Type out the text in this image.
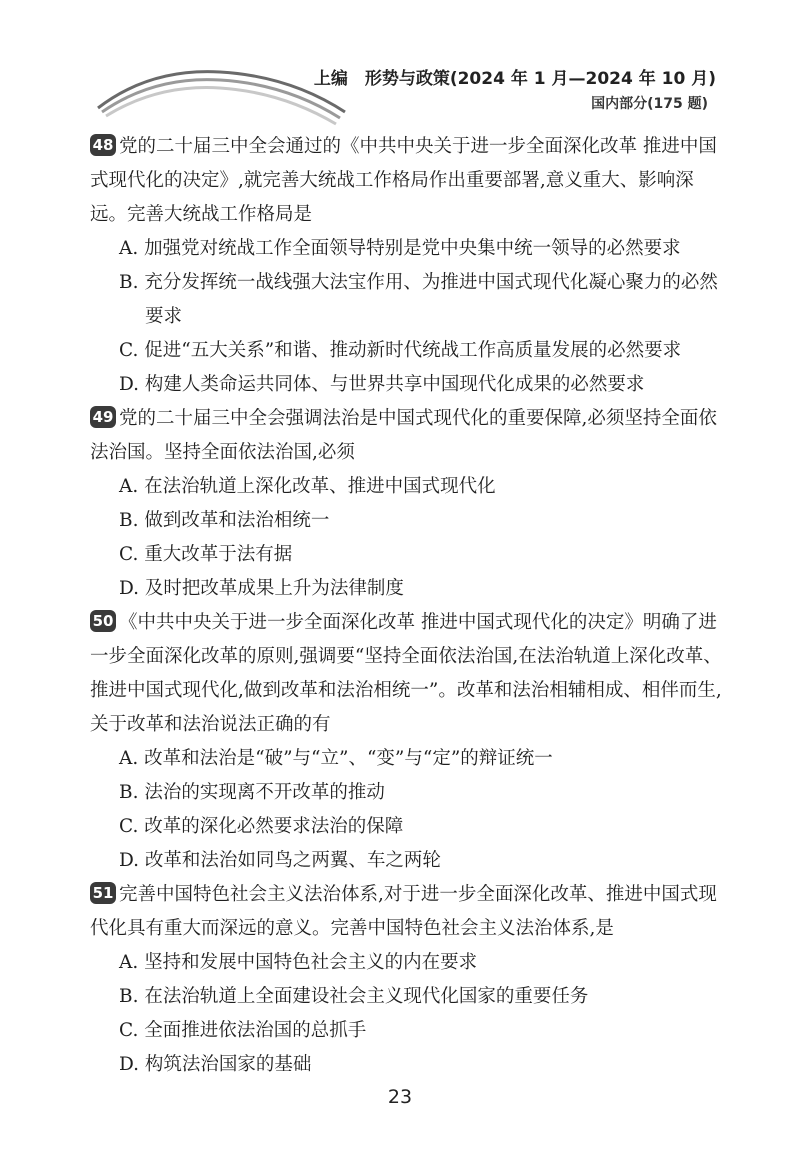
上编　形势与政策(2024 年 1 月—2024 年 10 月)
国内部分(175 题)

48 党的二十届三中全会通过的《中共中央关于进一步全面深化改革 推进中国式现代化的决定》,就完善大统战工作格局作出重要部署,意义重大、影响深远。完善大统战工作格局是

A. 加强党对统战工作全面领导特别是党中央集中统一领导的必然要求

B. 充分发挥统一战线强大法宝作用、为推进中国式现代化凝心聚力的必然要求

C. 促进“五大关系”和谐、推动新时代统战工作高质量发展的必然要求

D. 构建人类命运共同体、与世界共享中国现代化成果的必然要求

49 党的二十届三中全会强调法治是中国式现代化的重要保障,必须坚持全面依法治国。坚持全面依法治国,必须

A. 在法治轨道上深化改革、推进中国式现代化

B. 做到改革和法治相统一

C. 重大改革于法有据

D. 及时把改革成果上升为法律制度

50 《中共中央关于进一步全面深化改革 推进中国式现代化的决定》明确了进一步全面深化改革的原则,强调要“坚持全面依法治国,在法治轨道上深化改革、推进中国式现代化,做到改革和法治相统一”。改革和法治相辅相成、相伴而生,关于改革和法治说法正确的有

A. 改革和法治是“破”与“立”、“变”与“定”的辩证统一

B. 法治的实现离不开改革的推动

C. 改革的深化必然要求法治的保障

D. 改革和法治如同鸟之两翼、车之两轮

51 完善中国特色社会主义法治体系,对于进一步全面深化改革、推进中国式现代化具有重大而深远的意义。完善中国特色社会主义法治体系,是

A. 坚持和发展中国特色社会主义的内在要求

B. 在法治轨道上全面建设社会主义现代化国家的重要任务

C. 全面推进依法治国的总抓手

D. 构筑法治国家的基础

23
